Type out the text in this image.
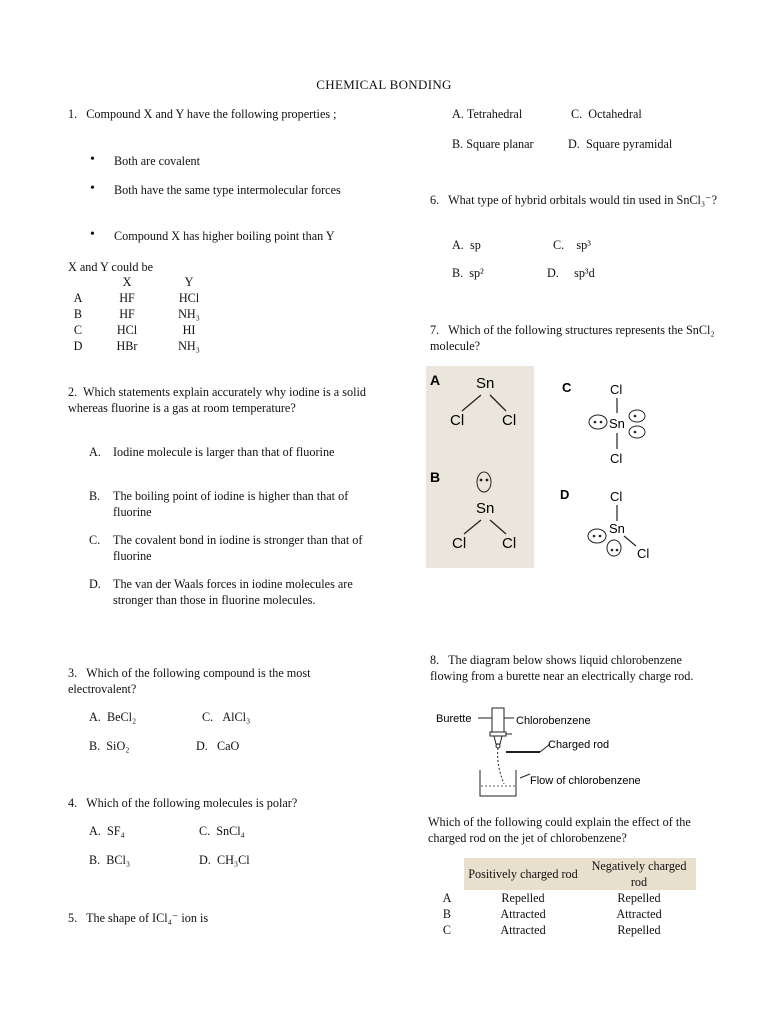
CHEMICAL BONDING
1. Compound X and Y have the following properties ;
• Both are covalent
• Both have the same type intermolecular forces
• Compound X has higher boiling point than Y
X and Y could be
	X	Y
A	HF	HCl
B	HF	NH₃
C	HCl	HI
D	HBr	NH₃
2. Which statements explain accurately why iodine is a solid whereas fluorine is a gas at room temperature?
A. Iodine molecule is larger than that of fluorine
B. The boiling point of iodine is higher than that of fluorine
C. The covalent bond in iodine is stronger than that of fluorine
D. The van der Waals forces in iodine molecules are stronger than those in fluorine molecules.
3. Which of the following compound is the most electrovalent?
A. BeCl₂	C. AlCl₃
B. SiO₂	D. CaO
4. Which of the following molecules is polar?
A. SF₄	C. SnCl₄
B. BCl₃	D. CH₃Cl
5. The shape of ICl₄⁻ ion is
A. Tetrahedral	C. Octahedral
B. Square planar	D. Square pyramidal
6. What type of hybrid orbitals would tin used in SnCl₃⁻?
A. sp	C. sp³
B. sp²	D. sp³d
7. Which of the following structures represents the SnCl₂ molecule?
A Sn
Cl	Cl
B
Sn
Cl Cl
C	Cl
Sn
Cl
D	Cl
Sn
Cl
8. The diagram below shows liquid chlorobenzene flowing from a burette near an electrically charge rod.
Burette	Chlorobenzene
Charged rod
Flow of chlorobenzene
Which of the following could explain the effect of the charged rod on the jet of chlorobenzene?
	Positively charged rod	Negatively charged rod
A	Repelled	Repelled
B	Attracted	Attracted
C	Attracted	Repelled
